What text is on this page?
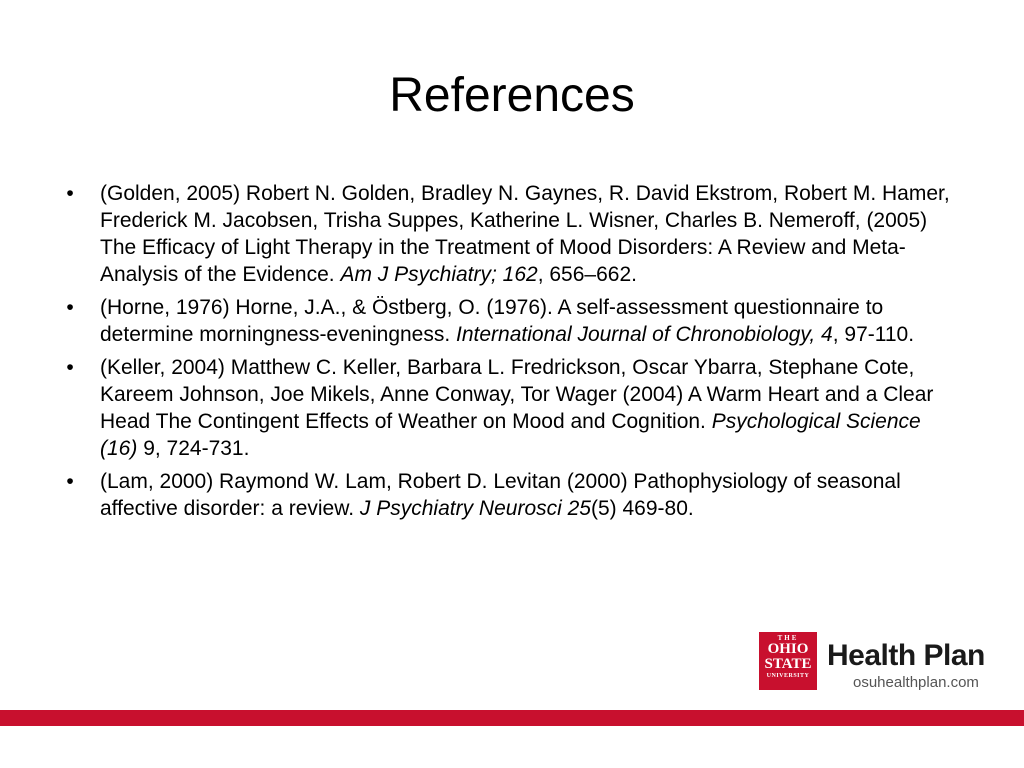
References
•	(Golden, 2005) Robert N. Golden, Bradley N. Gaynes, R. David Ekstrom, Robert M. Hamer, Frederick M. Jacobsen, Trisha Suppes, Katherine L. Wisner, Charles B. Nemeroff, (2005) The Efficacy of Light Therapy in the Treatment of Mood Disorders: A Review and Meta-Analysis of the Evidence. Am J Psychiatry; 162, 656–662.
•	(Horne, 1976) Horne, J.A., & Östberg, O. (1976). A self-assessment questionnaire to determine morningness-eveningness. International Journal of Chronobiology, 4, 97-110.
•	(Keller, 2004) Matthew C. Keller, Barbara L. Fredrickson, Oscar Ybarra, Stephane Cote, Kareem Johnson, Joe Mikels, Anne Conway, Tor Wager (2004) A Warm Heart and a Clear Head The Contingent Effects of Weather on Mood and Cognition. Psychological Science (16) 9, 724-731.
•	(Lam, 2000) Raymond W. Lam, Robert D. Levitan (2000) Pathophysiology of seasonal affective disorder: a review. J Psychiatry Neurosci 25(5) 469-80.
THE
OHIO
STATE
UNIVERSITY
Health Plan
osuhealthplan.com
